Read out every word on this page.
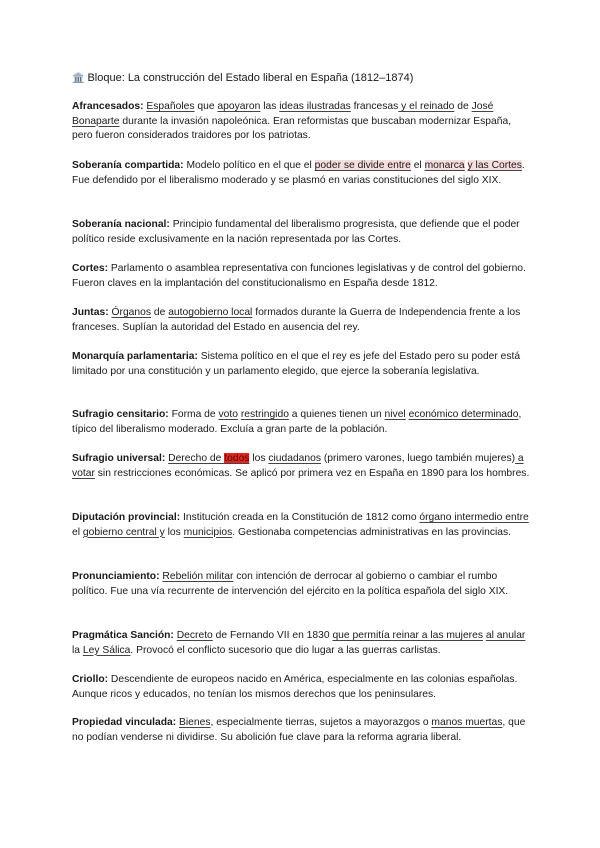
🏛️ Bloque: La construcción del Estado liberal en España (1812–1874)
Afrancesados: Españoles que apoyaron las ideas ilustradas francesas y el reinado de José Bonaparte durante la invasión napoleónica. Eran reformistas que buscaban modernizar España, pero fueron considerados traidores por los patriotas.
Soberanía compartida: Modelo político en el que el poder se divide entre el monarca y las Cortes. Fue defendido por el liberalismo moderado y se plasmó en varias constituciones del siglo XIX.
Soberanía nacional: Principio fundamental del liberalismo progresista, que defiende que el poder político reside exclusivamente en la nación representada por las Cortes.
Cortes: Parlamento o asamblea representativa con funciones legislativas y de control del gobierno. Fueron claves en la implantación del constitucionalismo en España desde 1812.
Juntas: Órganos de autogobierno local formados durante la Guerra de Independencia frente a los franceses. Suplían la autoridad del Estado en ausencia del rey.
Monarquía parlamentaria: Sistema político en el que el rey es jefe del Estado pero su poder está limitado por una constitución y un parlamento elegido, que ejerce la soberanía legislativa.
Sufragio censitario: Forma de voto restringido a quienes tienen un nivel económico determinado, típico del liberalismo moderado. Excluía a gran parte de la población.
Sufragio universal: Derecho de todos los ciudadanos (primero varones, luego también mujeres) a votar sin restricciones económicas. Se aplicó por primera vez en España en 1890 para los hombres.
Diputación provincial: Institución creada en la Constitución de 1812 como órgano intermedio entre el gobierno central y los municipios. Gestionaba competencias administrativas en las provincias.
Pronunciamiento: Rebelión militar con intención de derrocar al gobierno o cambiar el rumbo político. Fue una vía recurrente de intervención del ejército en la política española del siglo XIX.
Pragmática Sanción: Decreto de Fernando VII en 1830 que permitía reinar a las mujeres al anular la Ley Sálica. Provocó el conflicto sucesorio que dio lugar a las guerras carlistas.
Criollo: Descendiente de europeos nacido en América, especialmente en las colonias españolas. Aunque ricos y educados, no tenían los mismos derechos que los peninsulares.
Propiedad vinculada: Bienes, especialmente tierras, sujetos a mayorazgos o manos muertas, que no podían venderse ni dividirse. Su abolición fue clave para la reforma agraria liberal.
